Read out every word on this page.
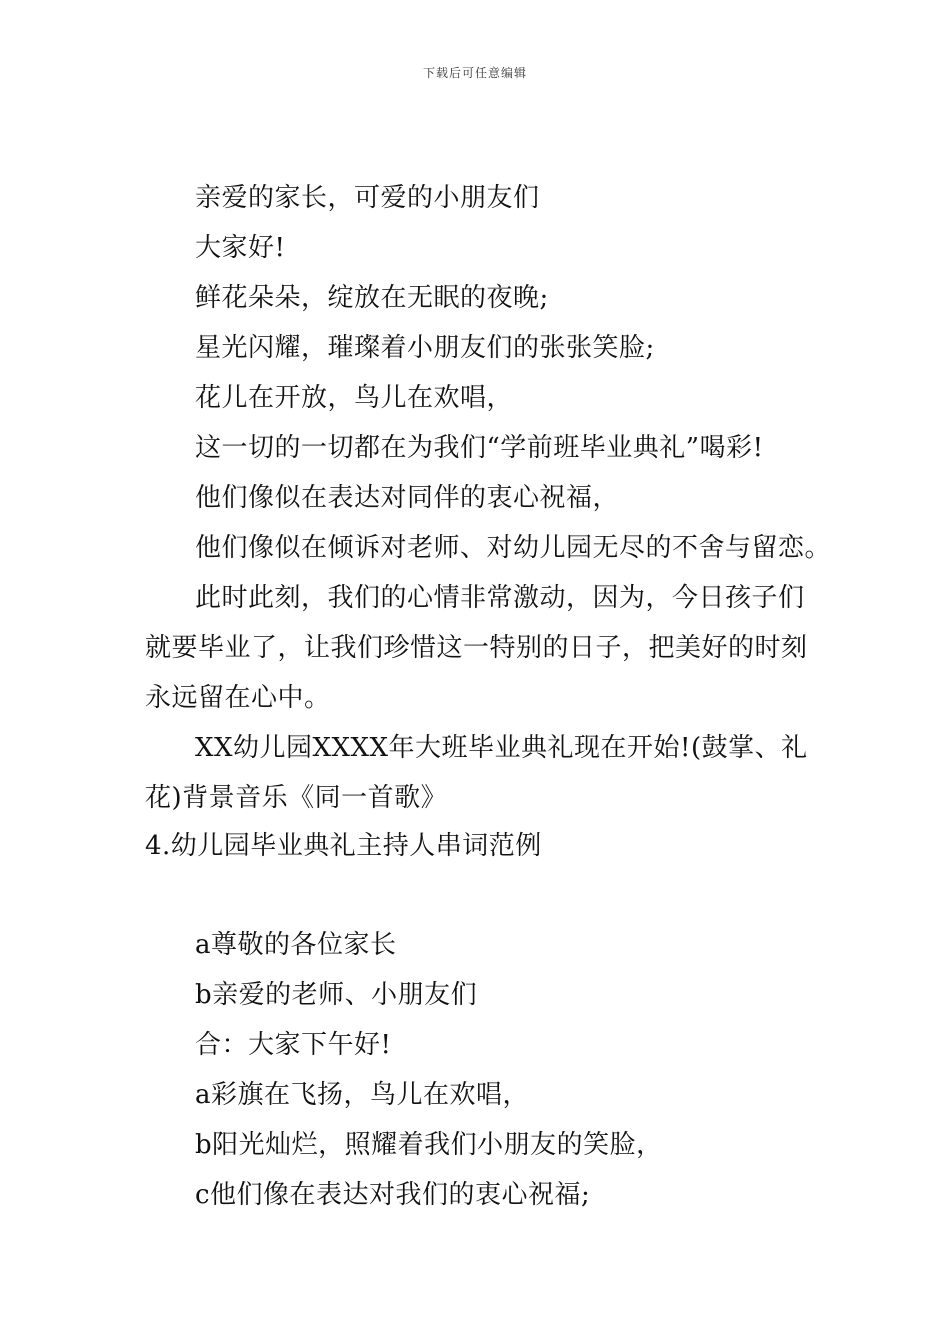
下载后可任意编辑
亲爱的家长，可爱的小朋友们
大家好!
鲜花朵朵，绽放在无眠的夜晚;
星光闪耀，璀璨着小朋友们的张张笑脸;
花儿在开放，鸟儿在欢唱，
这一切的一切都在为我们“学前班毕业典礼”喝彩!
他们像似在表达对同伴的衷心祝福，
他们像似在倾诉对老师、对幼儿园无尽的不舍与留恋。
此时此刻，我们的心情非常激动，因为，今日孩子们
就要毕业了，让我们珍惜这一特别的日子，把美好的时刻
永远留在心中。
XX幼儿园XXXX年大班毕业典礼现在开始!(鼓掌、礼
花)背景音乐《同一首歌》
4.幼儿园毕业典礼主持人串词范例
a尊敬的各位家长
b亲爱的老师、小朋友们
合：大家下午好!
a彩旗在飞扬，鸟儿在欢唱，
b阳光灿烂，照耀着我们小朋友的笑脸，
c他们像在表达对我们的衷心祝福;
